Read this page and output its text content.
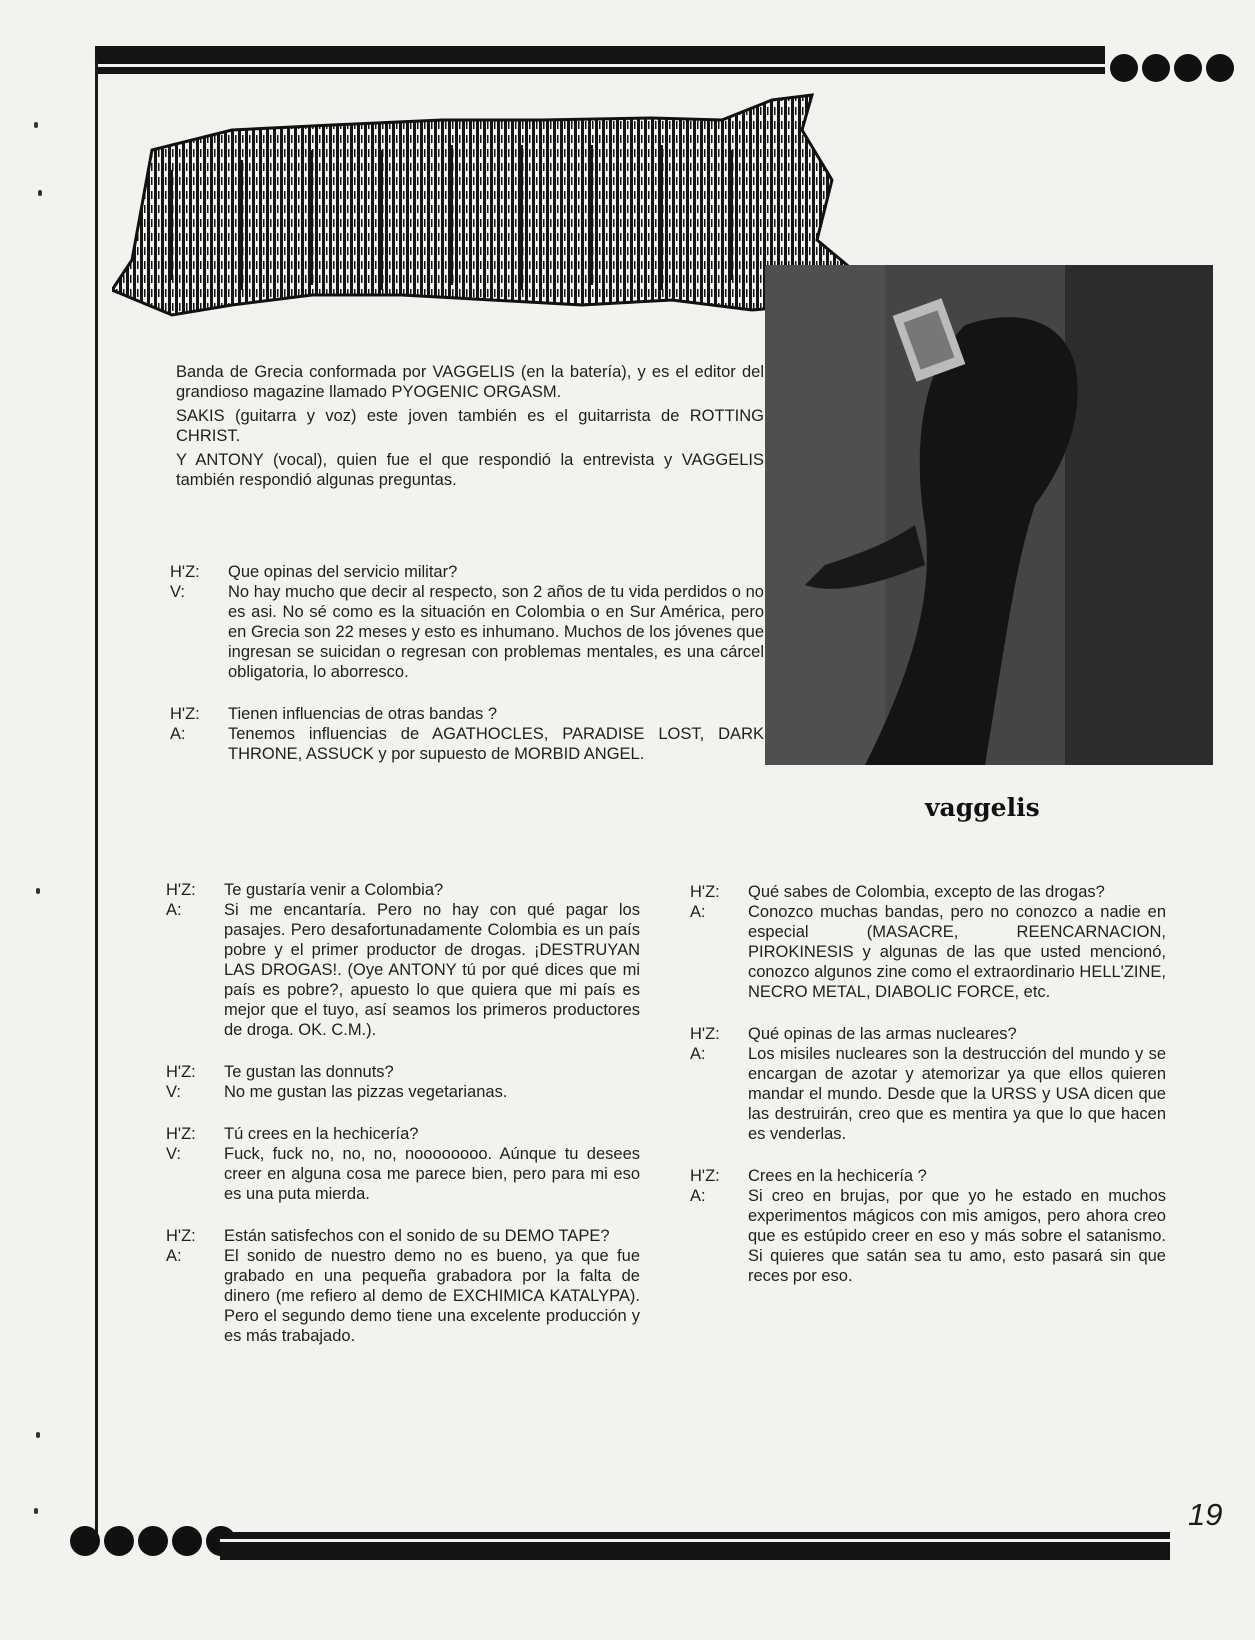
vaggelis

Banda de Grecia conformada por VAGGELIS (en la batería), y es el editor del grandioso magazine llamado PYOGENIC ORGASM.

SAKIS (guitarra y voz) este joven también es el guitarrista de ROTTING CHRIST.

Y ANTONY (vocal), quien fue el que respondió la entrevista y VAGGELIS también respondió algunas preguntas.

H'Z:	Que opinas del servicio militar?
V:	No hay mucho que decir al respecto, son 2 años de tu vida perdidos o no es asi. No sé como es la situación en Colombia o en Sur América, pero en Grecia son 22 meses y esto es inhumano. Muchos de los jóvenes que ingresan se suicidan o regresan con problemas mentales, es una cárcel obligatoria, lo aborresco.
H'Z:	Tienen influencias de otras bandas ?
A:	Tenemos influencias de AGATHOCLES, PARADISE LOST, DARK THRONE, ASSUCK y por supuesto de MORBID ANGEL.
H'Z:	Te gustaría venir a Colombia?
A:	Si me encantaría. Pero no hay con qué pagar los pasajes. Pero desafortunadamente Colombia es un país pobre y el primer productor de drogas. ¡DESTRUYAN LAS DROGAS!. (Oye ANTONY tú por qué dices que mi país es pobre?, apuesto lo que quiera que mi país es mejor que el tuyo, así seamos los primeros productores de droga. OK. C.M.).
H'Z:	Te gustan las donnuts?
V:	No me gustan las pizzas vegetarianas.
H'Z:	Tú crees en la hechicería?
V:	Fuck, fuck no, no, no, noooooooo. Aúnque tu desees creer en alguna cosa me parece bien, pero para mi eso es una puta mierda.
H'Z:	Están satisfechos con el sonido de su DEMO TAPE?
A:	El sonido de nuestro demo no es bueno, ya que fue grabado en una pequeña grabadora por la falta de dinero (me refiero al demo de EXCHIMICA KATALYPA). Pero el segundo demo tiene una excelente producción y es más trabajado.
H'Z:	Qué sabes de Colombia, excepto de las drogas?
A:	Conozco muchas bandas, pero no conozco a nadie en especial (MASACRE, REENCARNACION, PIROKINESIS y algunas de las que usted mencionó, conozco algunos zine como el extraordinario HELL'ZINE, NECRO METAL, DIABOLIC FORCE, etc.
H'Z:	Qué opinas de las armas nucleares?
A:	Los misiles nucleares son la destrucción del mundo y se encargan de azotar y atemorizar ya que ellos quieren mandar el mundo. Desde que la URSS y USA dicen que las destruirán, creo que es mentira ya que lo que hacen es venderlas.
H'Z:	Crees en la hechicería ?
A:	Si creo en brujas, por que yo he estado en muchos experimentos mágicos con mis amigos, pero ahora creo que es estúpido creer en eso y más sobre el satanismo. Si quieres que satán sea tu amo, esto pasará sin que reces por eso.
19
